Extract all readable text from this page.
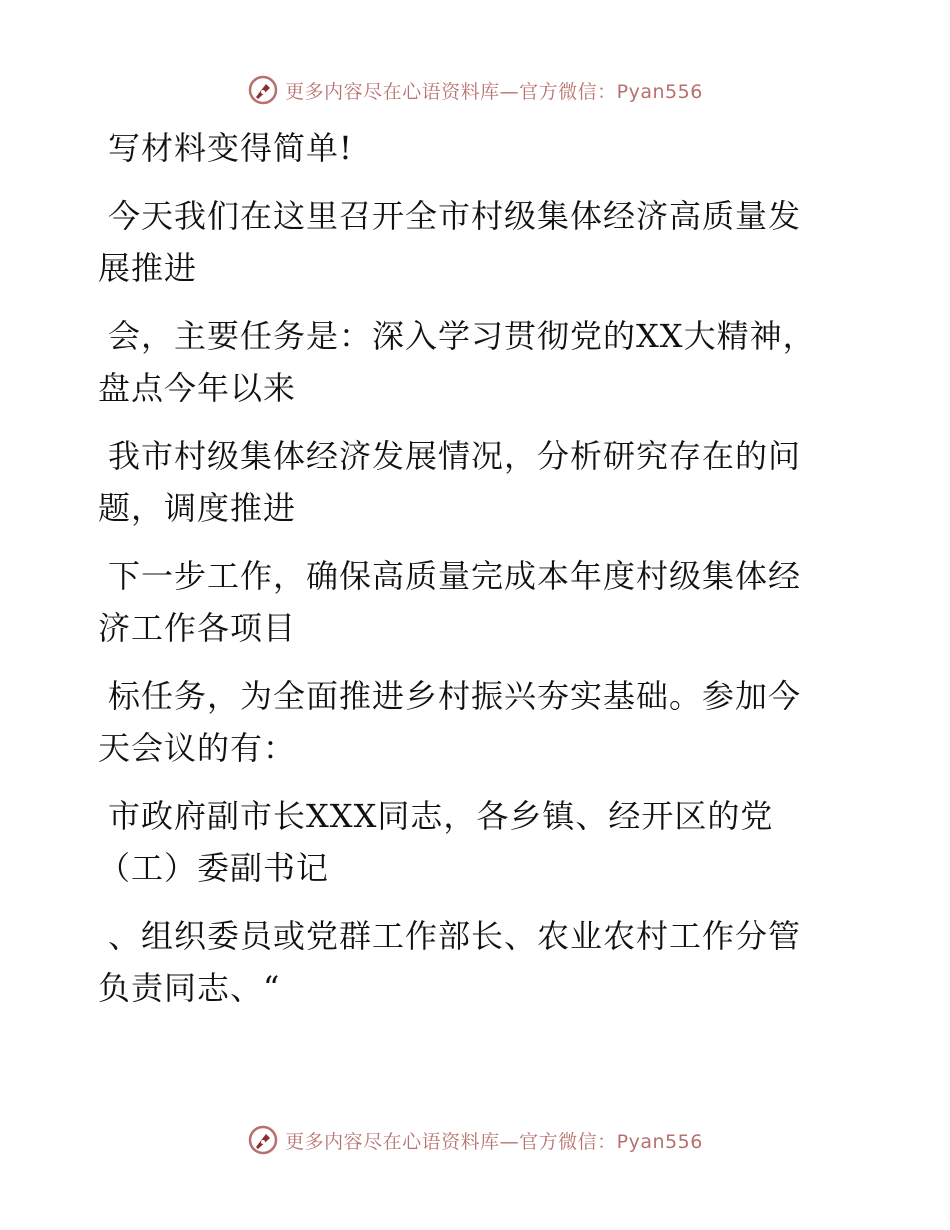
更多内容尽在心语资料库—官方微信：Pyan556

写材料变得简单!

今天我们在这里召开全市村级集体经济高质量发
展推进

会，主要任务是：深入学习贯彻党的XX大精神，
盘点今年以来

我市村级集体经济发展情况，分析研究存在的问
题，调度推进

下一步工作，确保高质量完成本年度村级集体经
济工作各项目

标任务，为全面推进乡村振兴夯实基础。参加今
天会议的有：

市政府副市长XXX同志，各乡镇、经开区的党
（工）委副书记

、组织委员或党群工作部长、农业农村工作分管
负责同志、“

更多内容尽在心语资料库—官方微信：Pyan556
